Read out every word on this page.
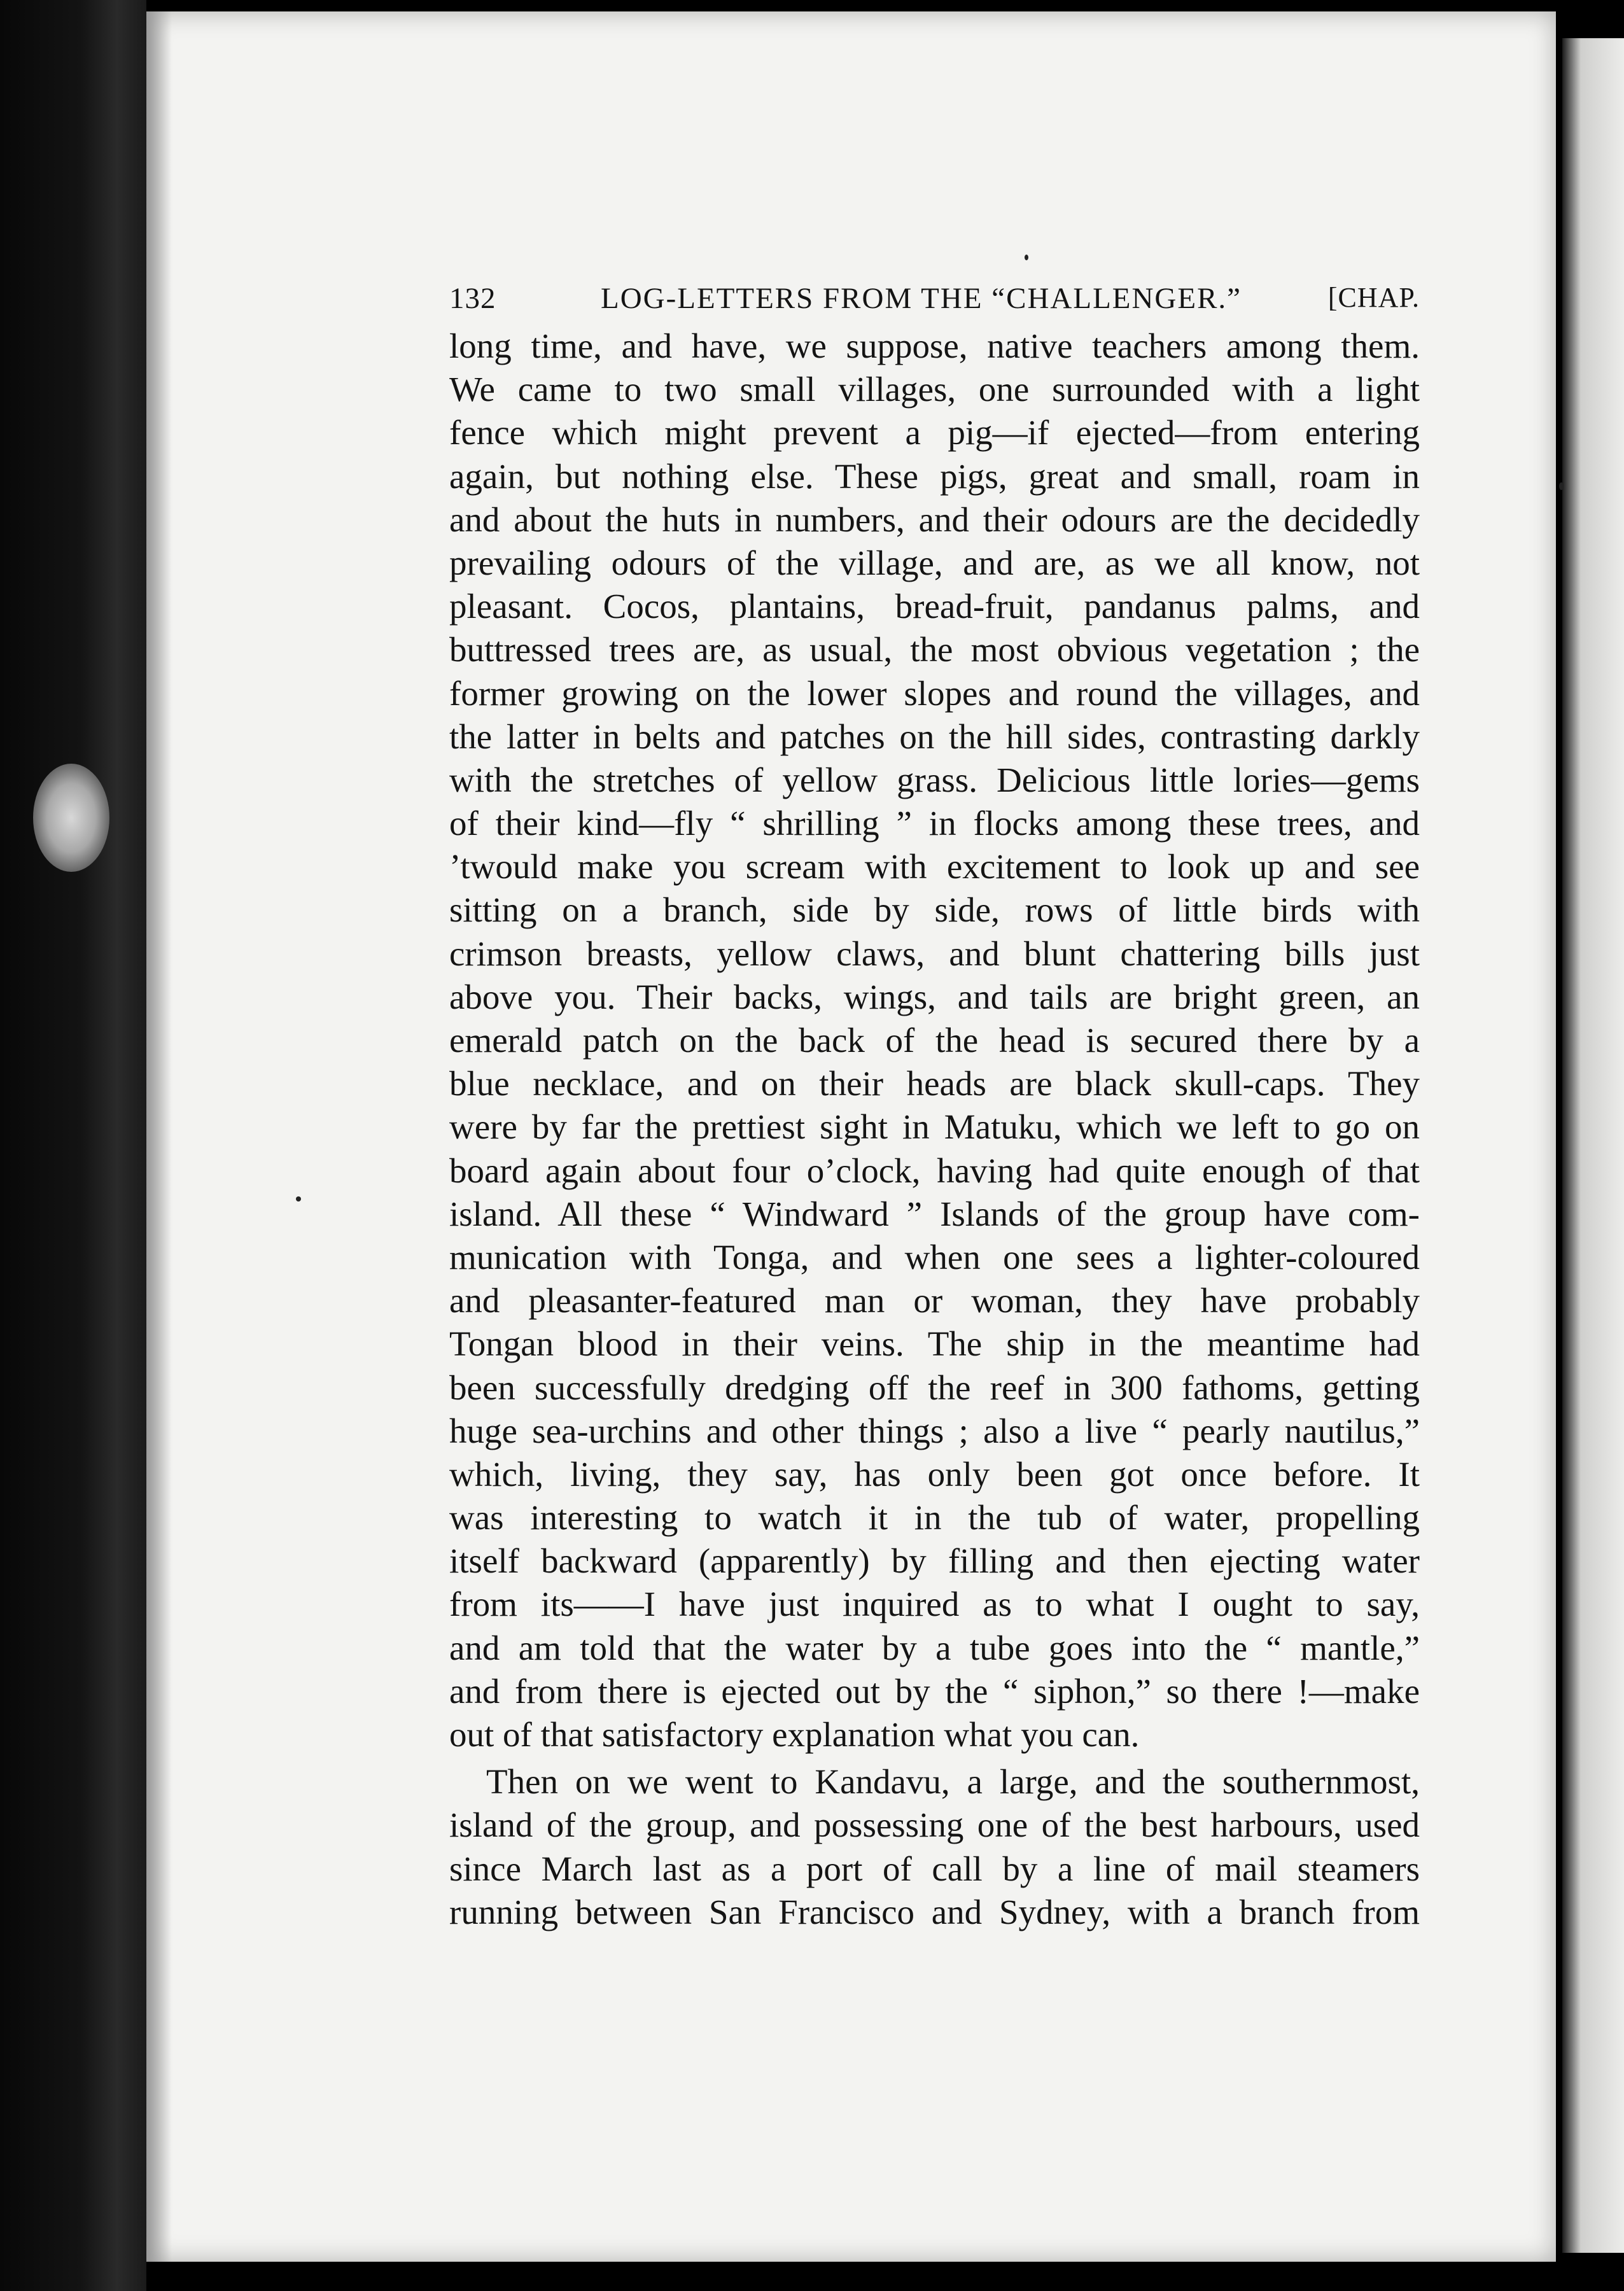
132	LOG-LETTERS FROM THE “CHALLENGER.”	[CHAP.
long time, and have, we suppose, native teachers among them.
We came to two small villages, one surrounded with a light
fence which might prevent a pig—if ejected—from entering
again, but nothing else. These pigs, great and small, roam in
and about the huts in numbers, and their odours are the decidedly
prevailing odours of the village, and are, as we all know, not
pleasant. Cocos, plantains, bread-fruit, pandanus palms, and
buttressed trees are, as usual, the most obvious vegetation ; the
former growing on the lower slopes and round the villages, and
the latter in belts and patches on the hill sides, contrasting darkly
with the stretches of yellow grass. Delicious little lories—gems
of their kind—fly “ shrilling ” in flocks among these trees, and
’twould make you scream with excitement to look up and see
sitting on a branch, side by side, rows of little birds with
crimson breasts, yellow claws, and blunt chattering bills just
above you. Their backs, wings, and tails are bright green, an
emerald patch on the back of the head is secured there by a
blue necklace, and on their heads are black skull-caps. They
were by far the prettiest sight in Matuku, which we left to go on
board again about four o’clock, having had quite enough of that
island. All these “ Windward ” Islands of the group have com-
munication with Tonga, and when one sees a lighter-coloured
and pleasanter-featured man or woman, they have probably
Tongan blood in their veins. The ship in the meantime had
been successfully dredging off the reef in 300 fathoms, getting
huge sea-urchins and other things ; also a live “ pearly nautilus,”
which, living, they say, has only been got once before. It
was interesting to watch it in the tub of water, propelling
itself backward (apparently) by filling and then ejecting water
from its——I have just inquired as to what I ought to say,
and am told that the water by a tube goes into the “ mantle,”
and from there is ejected out by the “ siphon,” so there !—make
out of that satisfactory explanation what you can.
Then on we went to Kandavu, a large, and the southernmost,
island of the group, and possessing one of the best harbours, used
since March last as a port of call by a line of mail steamers
running between San Francisco and Sydney, with a branch from
